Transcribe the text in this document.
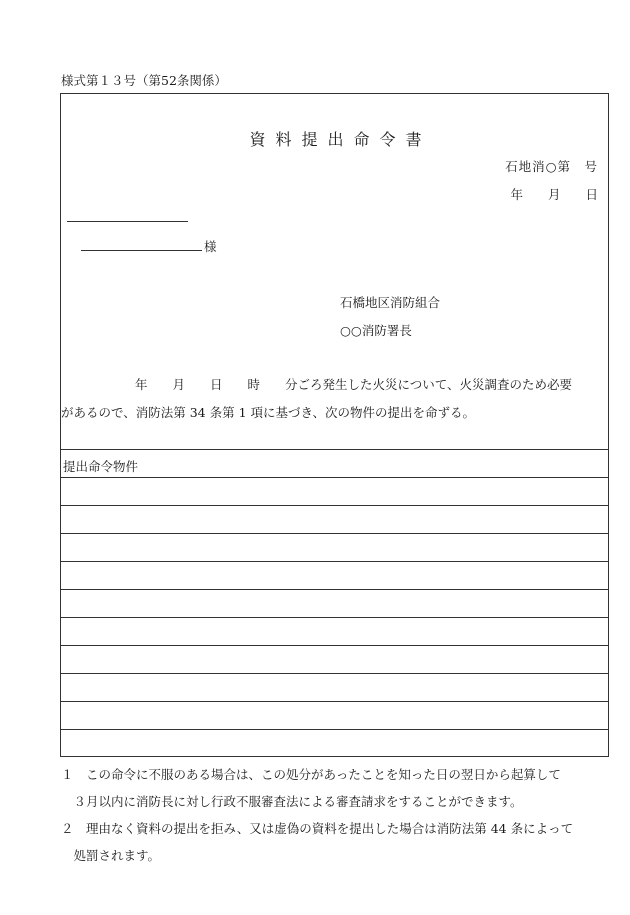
様式第１３号（第52条関係）
資料提出命令書
石地消○第　号
年　　月　　日
様
石橋地区消防組合
○○消防署長
年　　月　　日　　時　　分ごろ発生した火災について、火災調査のため必要
があるので、消防法第 34 条第 1 項に基づき、次の物件の提出を命ずる。
提出命令物件
１　この命令に不服のある場合は、この処分があったことを知った日の翌日から起算して
　３月以内に消防長に対し行政不服審査法による審査請求をすることができます。
２　理由なく資料の提出を拒み、又は虚偽の資料を提出した場合は消防法第 44 条によって
　処罰されます。
